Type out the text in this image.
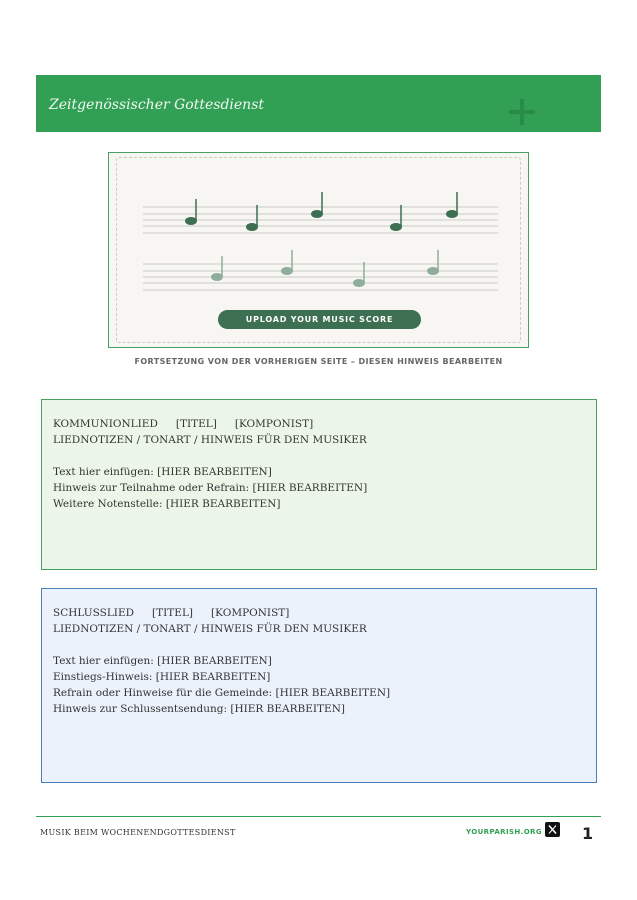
Zeitgenössischer Gottesdienst
UPLOAD YOUR MUSIC SCORE
FORTSETZUNG VON DER VORHERIGEN SEITE – DIESEN HINWEIS BEARBEITEN
KOMMUNIONLIED [TITEL] [KOMPONIST]
LIEDNOTIZEN / TONART / HINWEIS FÜR DEN MUSIKER
Text hier einfügen: [HIER BEARBEITEN]
Hinweis zur Teilnahme oder Refrain: [HIER BEARBEITEN]
Weitere Notenstelle: [HIER BEARBEITEN]
SCHLUSSLIED [TITEL] [KOMPONIST]
LIEDNOTIZEN / TONART / HINWEIS FÜR DEN MUSIKER
Text hier einfügen: [HIER BEARBEITEN]
Einstiegs-Hinweis: [HIER BEARBEITEN]
Refrain oder Hinweise für die Gemeinde: [HIER BEARBEITEN]
Hinweis zur Schlussentsendung: [HIER BEARBEITEN]
MUSIK BEIM WOCHENENDGOTTESDIENST	YOURPARISH.ORG	1
